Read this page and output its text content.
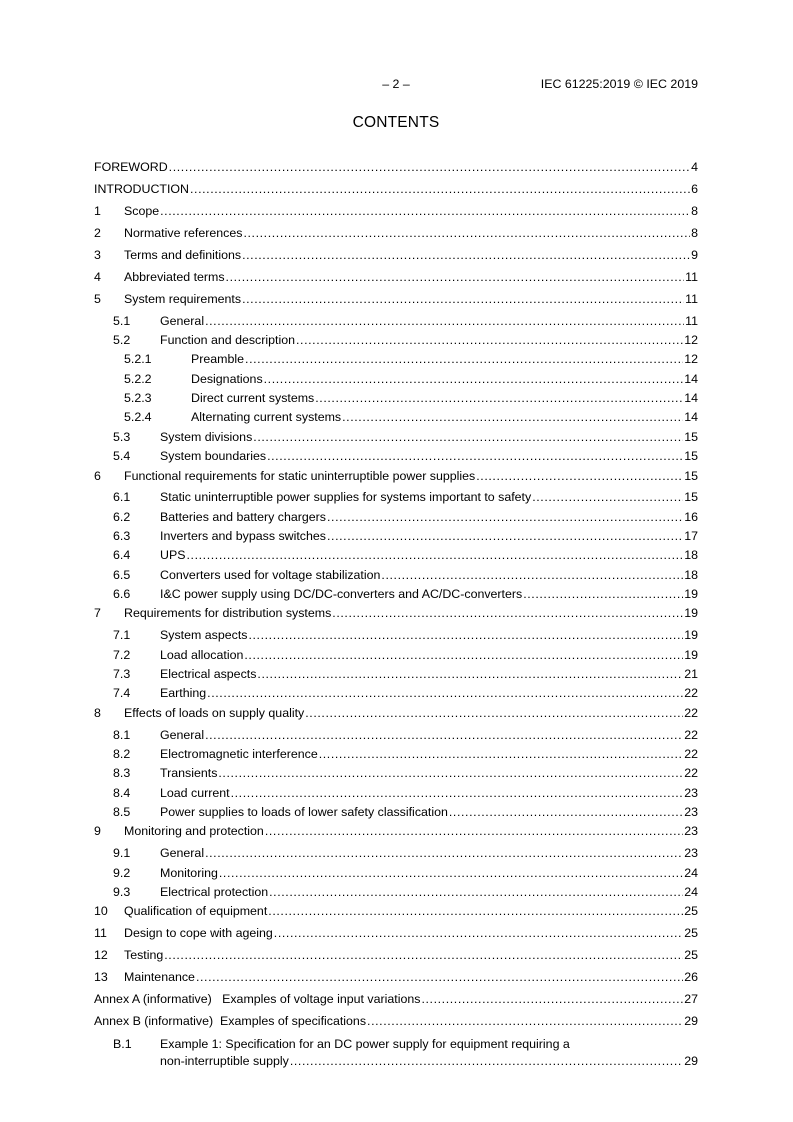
– 2 –	IEC 61225:2019 © IEC 2019
CONTENTS
FOREWORD .....	4
INTRODUCTION .....	6
1 Scope .....	8
2 Normative references .....	8
3 Terms and definitions .....	9
4 Abbreviated terms .....	11
5 System requirements .....	11
5.1 General .....	11
5.2 Function and description .....	12
5.2.1	Preamble .....	12
5.2.2	Designations .....	14
5.2.3	Direct current systems .....	14
5.2.4	Alternating current systems .....	14
5.3 System divisions .....	15
5.4 System boundaries .....	15
6 Functional requirements for static uninterruptible power supplies .....	15
6.1 Static uninterruptible power supplies for systems important to safety .....	15
6.2 Batteries and battery chargers .....	16
6.3 Inverters and bypass switches .....	17
6.4 UPS .....	18
6.5 Converters used for voltage stabilization .....	18
6.6 I&C power supply using DC/DC-converters and AC/DC-converters .....	19
7 Requirements for distribution systems .....	19
7.1 System aspects .....	19
7.2 Load allocation .....	19
7.3 Electrical aspects .....	21
7.4 Earthing .....	22
8 Effects of loads on supply quality .....	22
8.1 General .....	22
8.2 Electromagnetic interference .....	22
8.3 Transients .....	22
8.4 Load current .....	23
8.5 Power supplies to loads of lower safety classification .....	23
9 Monitoring and protection .....	23
9.1 General .....	23
9.2 Monitoring .....	24
9.3 Electrical protection .....	24
10 Qualification of equipment .....	25
11 Design to cope with ageing .....	25
12 Testing .....	25
13 Maintenance .....	26
Annex A (informative)   Examples of voltage input variations .....	27
Annex B (informative)  Examples of specifications .....	29
B.1 Example 1: Specification for an DC power supply for equipment requiring a
non-interruptible supply .....	29
